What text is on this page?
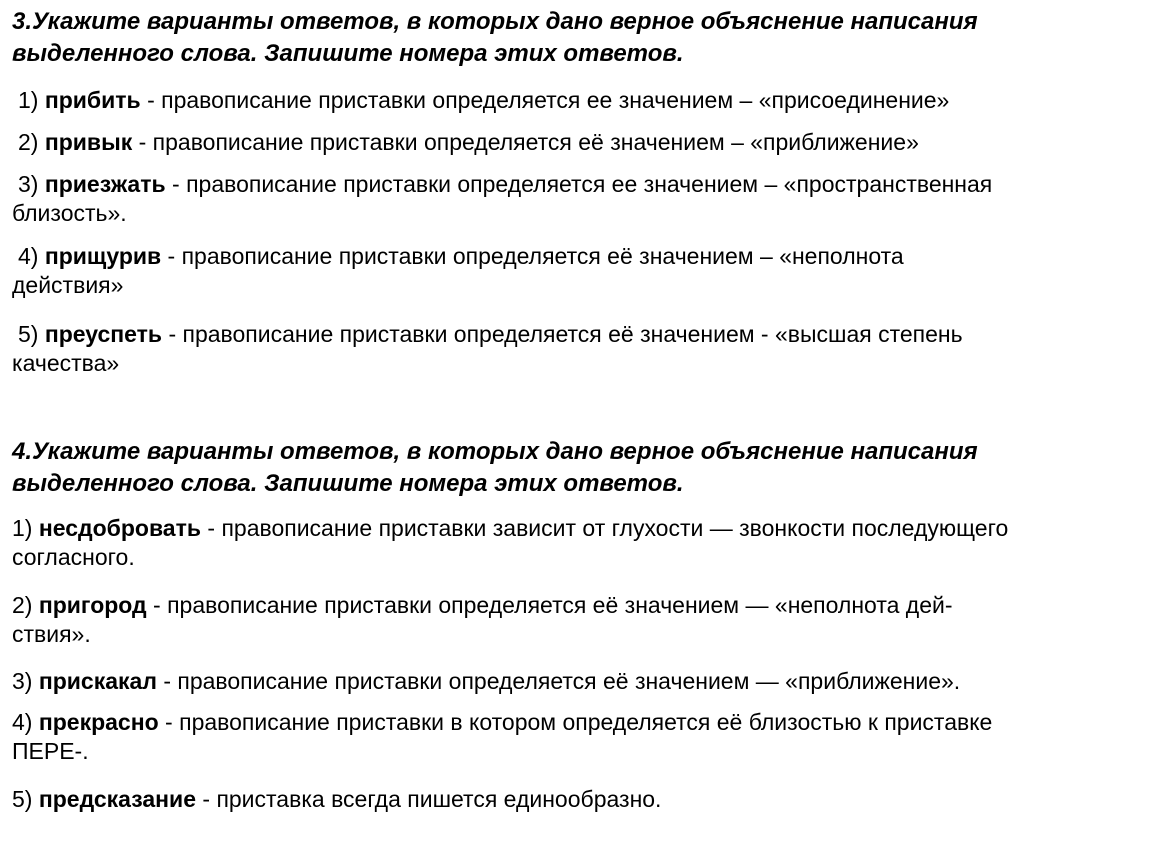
3.Укажите варианты ответов, в которых дано верное объяснение написания

выделенного слова. Запишите номера этих ответов.

1) прибить - правописание приставки определяется ее значением – «присоединение»

2) привык - правописание приставки определяется её значением – «приближение»

3) приезжать - правописание приставки определяется ее значением – «пространственная

близость».

4) прищурив - правописание приставки определяется её значением – «неполнота

действия»

5) преуспеть - правописание приставки определяется её значением - «высшая степень

качества»

4.Укажите варианты ответов, в которых дано верное объяснение написания

выделенного слова. Запишите номера этих ответов.

1) несдобровать - правописание приставки зависит от глухости — звонкости последующего

согласного.

2) пригород - правописание приставки определяется её значением — «неполнота дей-

ствия».

3) прискакал - правописание приставки определяется её значением — «приближение».

4) прекрасно - правописание приставки в котором определяется её близостью к приставке

ПЕРЕ-.

5) предсказание - приставка всегда пишется единообразно.
